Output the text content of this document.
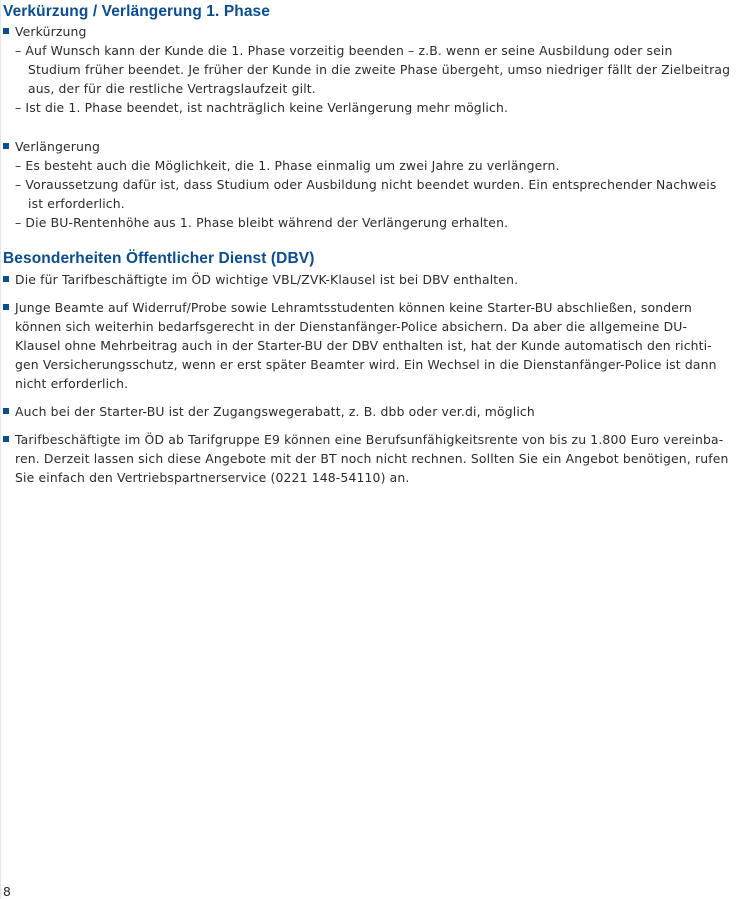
Verkürzung / Verlängerung 1. Phase
Verkürzung
– Auf Wunsch kann der Kunde die 1. Phase vorzeitig beenden – z.B. wenn er seine Ausbildung oder sein
Studium früher beendet. Je früher der Kunde in die zweite Phase übergeht, umso niedriger fällt der Zielbeitrag
aus, der für die restliche Vertragslaufzeit gilt.
– Ist die 1. Phase beendet, ist nachträglich keine Verlängerung mehr möglich.
Verlängerung
– Es besteht auch die Möglichkeit, die 1. Phase einmalig um zwei Jahre zu verlängern.
– Voraussetzung dafür ist, dass Studium oder Ausbildung nicht beendet wurden. Ein entsprechender Nachweis
ist erforderlich.
– Die BU-Rentenhöhe aus 1. Phase bleibt während der Verlängerung erhalten.
Besonderheiten Öffentlicher Dienst (DBV)
Die für Tarifbeschäftigte im ÖD wichtige VBL/ZVK-Klausel ist bei DBV enthalten.
Junge Beamte auf Widerruf/Probe sowie Lehramtsstudenten können keine Starter-BU abschließen, sondern
können sich weiterhin bedarfsgerecht in der Dienstanfänger-Police absichern. Da aber die allgemeine DU-
Klausel ohne Mehrbeitrag auch in der Starter-BU der DBV enthalten ist, hat der Kunde automatisch den richti-
gen Versicherungsschutz, wenn er erst später Beamter wird. Ein Wechsel in die Dienstanfänger-Police ist dann
nicht erforderlich.
Auch bei der Starter-BU ist der Zugangswegerabatt, z. B. dbb oder ver.di, möglich
Tarifbeschäftigte im ÖD ab Tarifgruppe E9 können eine Berufsunfähigkeitsrente von bis zu 1.800 Euro vereinba-
ren. Derzeit lassen sich diese Angebote mit der BT noch nicht rechnen. Sollten Sie ein Angebot benötigen, rufen
Sie einfach den Vertriebspartnerservice (0221 148-54110) an.
8
